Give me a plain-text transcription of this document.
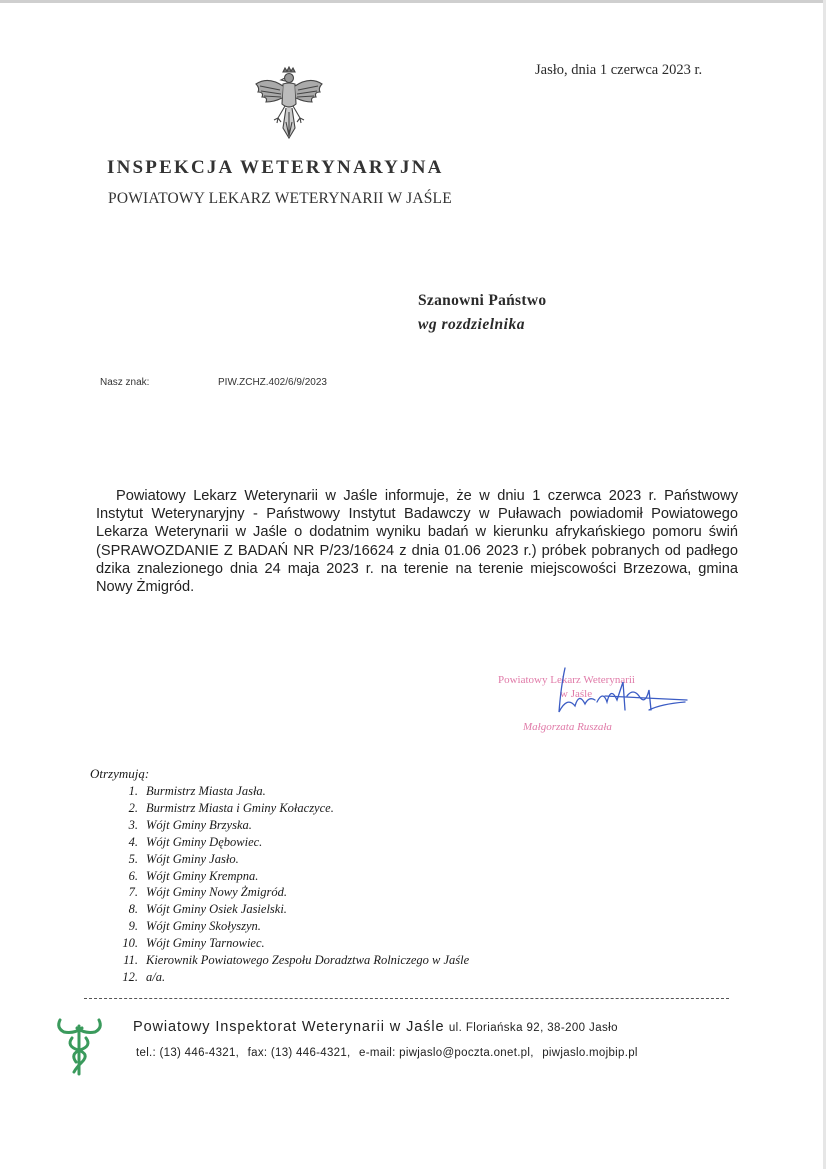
Jasło, dnia 1 czerwca 2023 r.
INSPEKCJA WETERYNARYJNA
POWIATOWY LEKARZ WETERYNARII W JAŚLE
Szanowni Państwo
wg rozdzielnika
Nasz znak:	PIW.ZCHZ.402/6/9/2023
Powiatowy Lekarz Weterynarii w Jaśle informuje, że w dniu 1 czerwca 2023 r. Państwowy Instytut Weterynaryjny - Państwowy Instytut Badawczy w Puławach powiadomił Powiatowego Lekarza Weterynarii w Jaśle o dodatnim wyniku badań w kierunku afrykańskiego pomoru świń (SPRAWOZDANIE Z BADAŃ NR P/23/16624 z dnia 01.06 2023 r.) próbek pobranych od padłego dzika znalezionego dnia 24 maja 2023 r. na terenie na terenie miejscowości Brzezowa, gmina Nowy Żmigród.
Powiatowy Lekarz Weterynarii
w Jaśle
Małgorzata Ruszała
Otrzymują:
1. Burmistrz Miasta Jasła.
2. Burmistrz Miasta i Gminy Kołaczyce.
3. Wójt Gminy Brzyska.
4. Wójt Gminy Dębowiec.
5. Wójt Gminy Jasło.
6. Wójt Gminy Krempna.
7. Wójt Gminy Nowy Żmigród.
8. Wójt Gminy Osiek Jasielski.
9. Wójt Gminy Skołyszyn.
10. Wójt Gminy Tarnowiec.
11. Kierownik Powiatowego Zespołu Doradztwa Rolniczego w Jaśle
12. a/a.
Powiatowy Inspektorat Weterynarii w Jaśle ul. Floriańska 92, 38-200 Jasło
tel.: (13) 446-4321, fax: (13) 446-4321, e-mail: piwjaslo@poczta.onet.pl, piwjaslo.mojbip.pl
